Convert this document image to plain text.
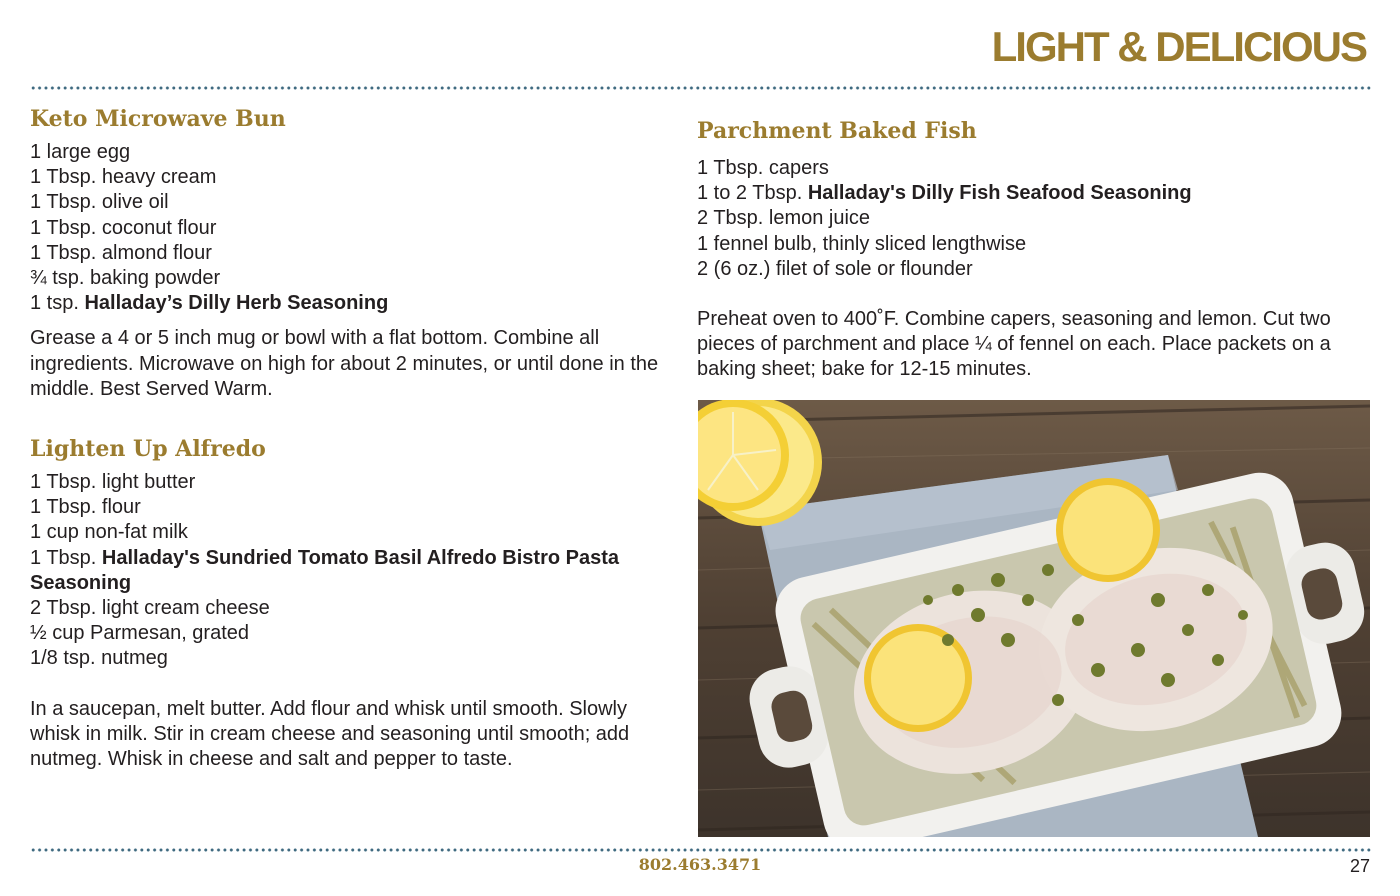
LIGHT & DELICIOUS
Keto Microwave Bun
1 large egg
1 Tbsp. heavy cream
1 Tbsp. olive oil
1 Tbsp. coconut flour
1 Tbsp. almond flour
¾ tsp. baking powder
1 tsp. Halladay’s Dilly Herb Seasoning

Grease a 4 or 5 inch mug or bowl with a flat bottom. Combine all ingredients. Microwave on high for about 2 minutes, or until done in the middle. Best Served Warm.

Lighten Up Alfredo
1 Tbsp. light butter
1 Tbsp. flour
1 cup non-fat milk
1 Tbsp. Halladay's Sundried Tomato Basil Alfredo Bistro Pasta Seasoning
2 Tbsp. light cream cheese
½ cup Parmesan, grated
1/8 tsp. nutmeg

In a saucepan, melt butter. Add flour and whisk until smooth. Slowly whisk in milk. Stir in cream cheese and seasoning until smooth; add nutmeg. Whisk in cheese and salt and pepper to taste.

Parchment Baked Fish
1 Tbsp. capers
1 to 2 Tbsp. Halladay's Dilly Fish Seafood Seasoning
2 Tbsp. lemon juice
1 fennel bulb, thinly sliced lengthwise
2 (6 oz.) filet of sole or flounder

Preheat oven to 400˚F. Combine capers, seasoning and lemon. Cut two pieces of parchment and place ¼ of fennel on each. Place packets on a baking sheet; bake for 12-15 minutes.

802.463.3471	27
